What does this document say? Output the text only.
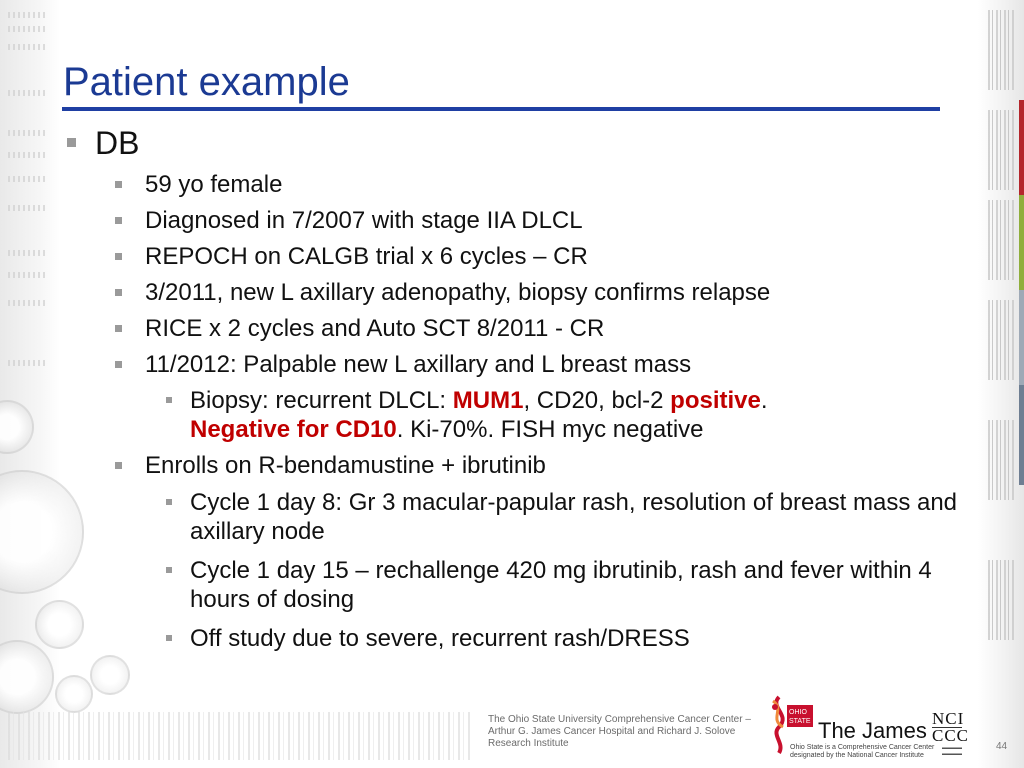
Patient example
DB
59 yo female
Diagnosed in 7/2007 with stage IIA DLCL
REPOCH on CALGB trial x 6 cycles – CR
3/2011, new L axillary adenopathy, biopsy confirms relapse
RICE x 2 cycles and Auto SCT 8/2011 - CR
11/2012: Palpable new L axillary and L breast mass
Biopsy: recurrent DLCL: MUM1, CD20, bcl-2 positive.
Negative for CD10. Ki-70%. FISH myc negative
Enrolls on R-bendamustine + ibrutinib
Cycle 1 day 8: Gr 3 macular-papular rash, resolution of breast mass and axillary node
Cycle 1 day 15 – rechallenge 420 mg ibrutinib, rash and fever within 4 hours of dosing
Off study due to severe, recurrent rash/DRESS
The Ohio State University Comprehensive Cancer Center –
Arthur G. James Cancer Hospital and Richard J. Solove
Research Institute
OHIO
STATE The James
Ohio State is a Comprehensive Cancer Center
designated by the National Cancer Institute
NCI
CCC
▬▬▬▬
▬▬▬▬
44
